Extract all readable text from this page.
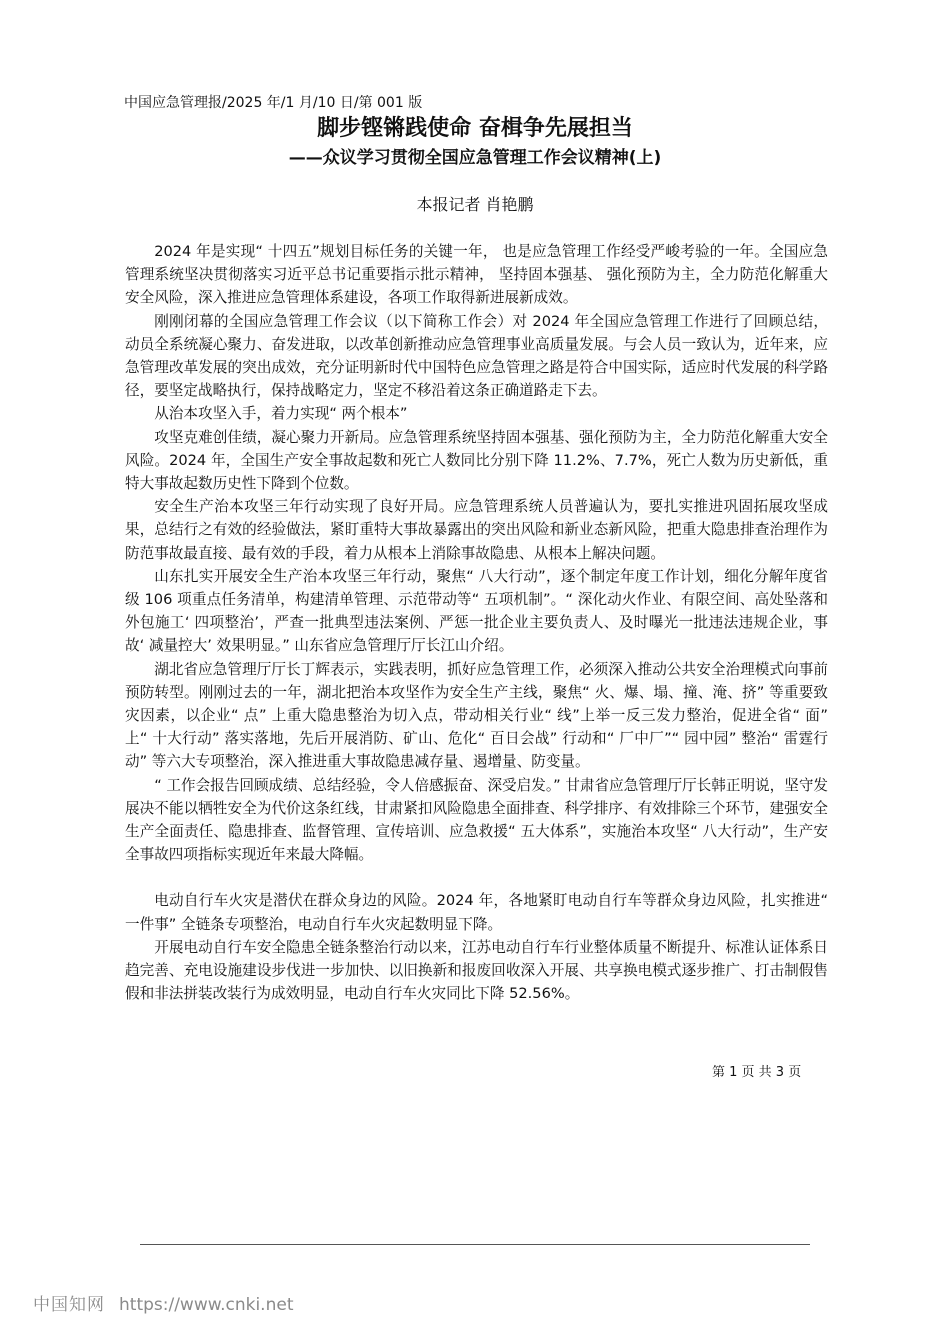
中国应急管理报/2025 年/1 月/10 日/第 001 版
脚步铿锵践使命 奋楫争先展担当
——众议学习贯彻全国应急管理工作会议精神(上)
本报记者 肖艳鹏

2024 年是实现“ 十四五”规划目标任务的关键一年， 也是应急管理工作经受严峻考验的一年。全国应急管理系统坚决贯彻落实习近平总书记重要指示批示精神， 坚持固本强基、 强化预防为主，全力防范化解重大安全风险，深入推进应急管理体系建设，各项工作取得新进展新成效。

刚刚闭幕的全国应急管理工作会议（以下简称工作会）对 2024 年全国应急管理工作进行了回顾总结，动员全系统凝心聚力、奋发进取，以改革创新推动应急管理事业高质量发展。与会人员一致认为，近年来，应急管理改革发展的突出成效，充分证明新时代中国特色应急管理之路是符合中国实际，适应时代发展的科学路径，要坚定战略执行，保持战略定力，坚定不移沿着这条正确道路走下去。

从治本攻坚入手，着力实现“ 两个根本”

攻坚克难创佳绩，凝心聚力开新局。应急管理系统坚持固本强基、强化预防为主，全力防范化解重大安全风险。2024 年，全国生产安全事故起数和死亡人数同比分别下降 11.2%、7.7%，死亡人数为历史新低，重特大事故起数历史性下降到个位数。

安全生产治本攻坚三年行动实现了良好开局。应急管理系统人员普遍认为，要扎实推进巩固拓展攻坚成果，总结行之有效的经验做法，紧盯重特大事故暴露出的突出风险和新业态新风险，把重大隐患排查治理作为防范事故最直接、最有效的手段，着力从根本上消除事故隐患、从根本上解决问题。

山东扎实开展安全生产治本攻坚三年行动，聚焦“ 八大行动”，逐个制定年度工作计划，细化分解年度省级 106 项重点任务清单，构建清单管理、示范带动等“ 五项机制”。“ 深化动火作业、有限空间、高处坠落和外包施工‘ 四项整治’，严查一批典型违法案例、严惩一批企业主要负责人、及时曝光一批违法违规企业，事故‘ 减量控大’ 效果明显。” 山东省应急管理厅厅长江山介绍。

湖北省应急管理厅厅长丁辉表示，实践表明，抓好应急管理工作，必须深入推动公共安全治理模式向事前预防转型。刚刚过去的一年，湖北把治本攻坚作为安全生产主线，聚焦“ 火、爆、塌、撞、淹、挤” 等重要致灾因素，以企业“ 点” 上重大隐患整治为切入点，带动相关行业“ 线”上举一反三发力整治，促进全省“ 面” 上“ 十大行动” 落实落地，先后开展消防、矿山、危化“ 百日会战” 行动和“ 厂中厂”“ 园中园” 整治“ 雷霆行动” 等六大专项整治，深入推进重大事故隐患减存量、遏增量、防变量。

“ 工作会报告回顾成绩、总结经验，令人倍感振奋、深受启发。” 甘肃省应急管理厅厅长韩正明说，坚守发展决不能以牺牲安全为代价这条红线，甘肃紧扣风险隐患全面排查、科学排序、有效排除三个环节，建强安全生产全面责任、隐患排查、监督管理、宣传培训、应急救援“ 五大体系”，实施治本攻坚“ 八大行动”，生产安全事故四项指标实现近年来最大降幅。

电动自行车火灾是潜伏在群众身边的风险。2024 年，各地紧盯电动自行车等群众身边风险，扎实推进“ 一件事” 全链条专项整治，电动自行车火灾起数明显下降。

开展电动自行车安全隐患全链条整治行动以来，江苏电动自行车行业整体质量不断提升、标准认证体系日趋完善、充电设施建设步伐进一步加快、以旧换新和报废回收深入开展、共享换电模式逐步推广、打击制假售假和非法拼装改装行为成效明显，电动自行车火灾同比下降 52.56%。

第 1 页 共 3 页
中国知网 https://www.cnki.net
